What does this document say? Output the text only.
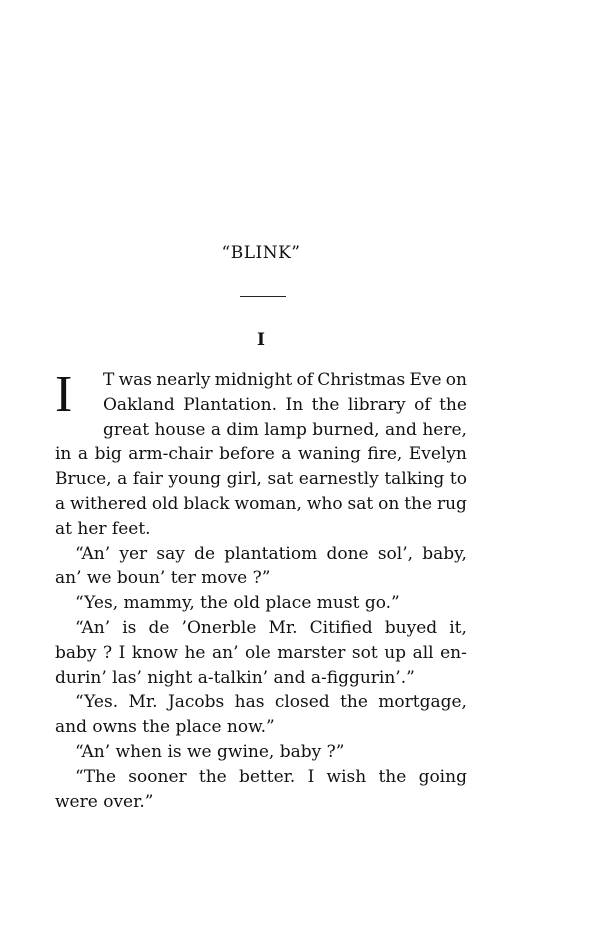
“BLINK”
I
I T was nearly midnight of Christmas Eve on
Oakland Plantation. In the library of the
great house a dim lamp burned, and here,
in a big arm-chair before a waning fire, Evelyn
Bruce, a fair young girl, sat earnestly talking to
a withered old black woman, who sat on the rug
at her feet.
“An’ yer say de plantatiom done sol’, baby,
an’ we boun’ ter move ?”
“Yes, mammy, the old place must go.”
“An’ is de ’Onerble Mr. Citified buyed it,
baby ? I know he an’ ole marster sot up all en-
durin’ las’ night a-talkin’ and a-figgurin’.”
“Yes. Mr. Jacobs has closed the mortgage,
and owns the place now.”
“An’ when is we gwine, baby ?”
“The sooner the better. I wish the going
were over.”
